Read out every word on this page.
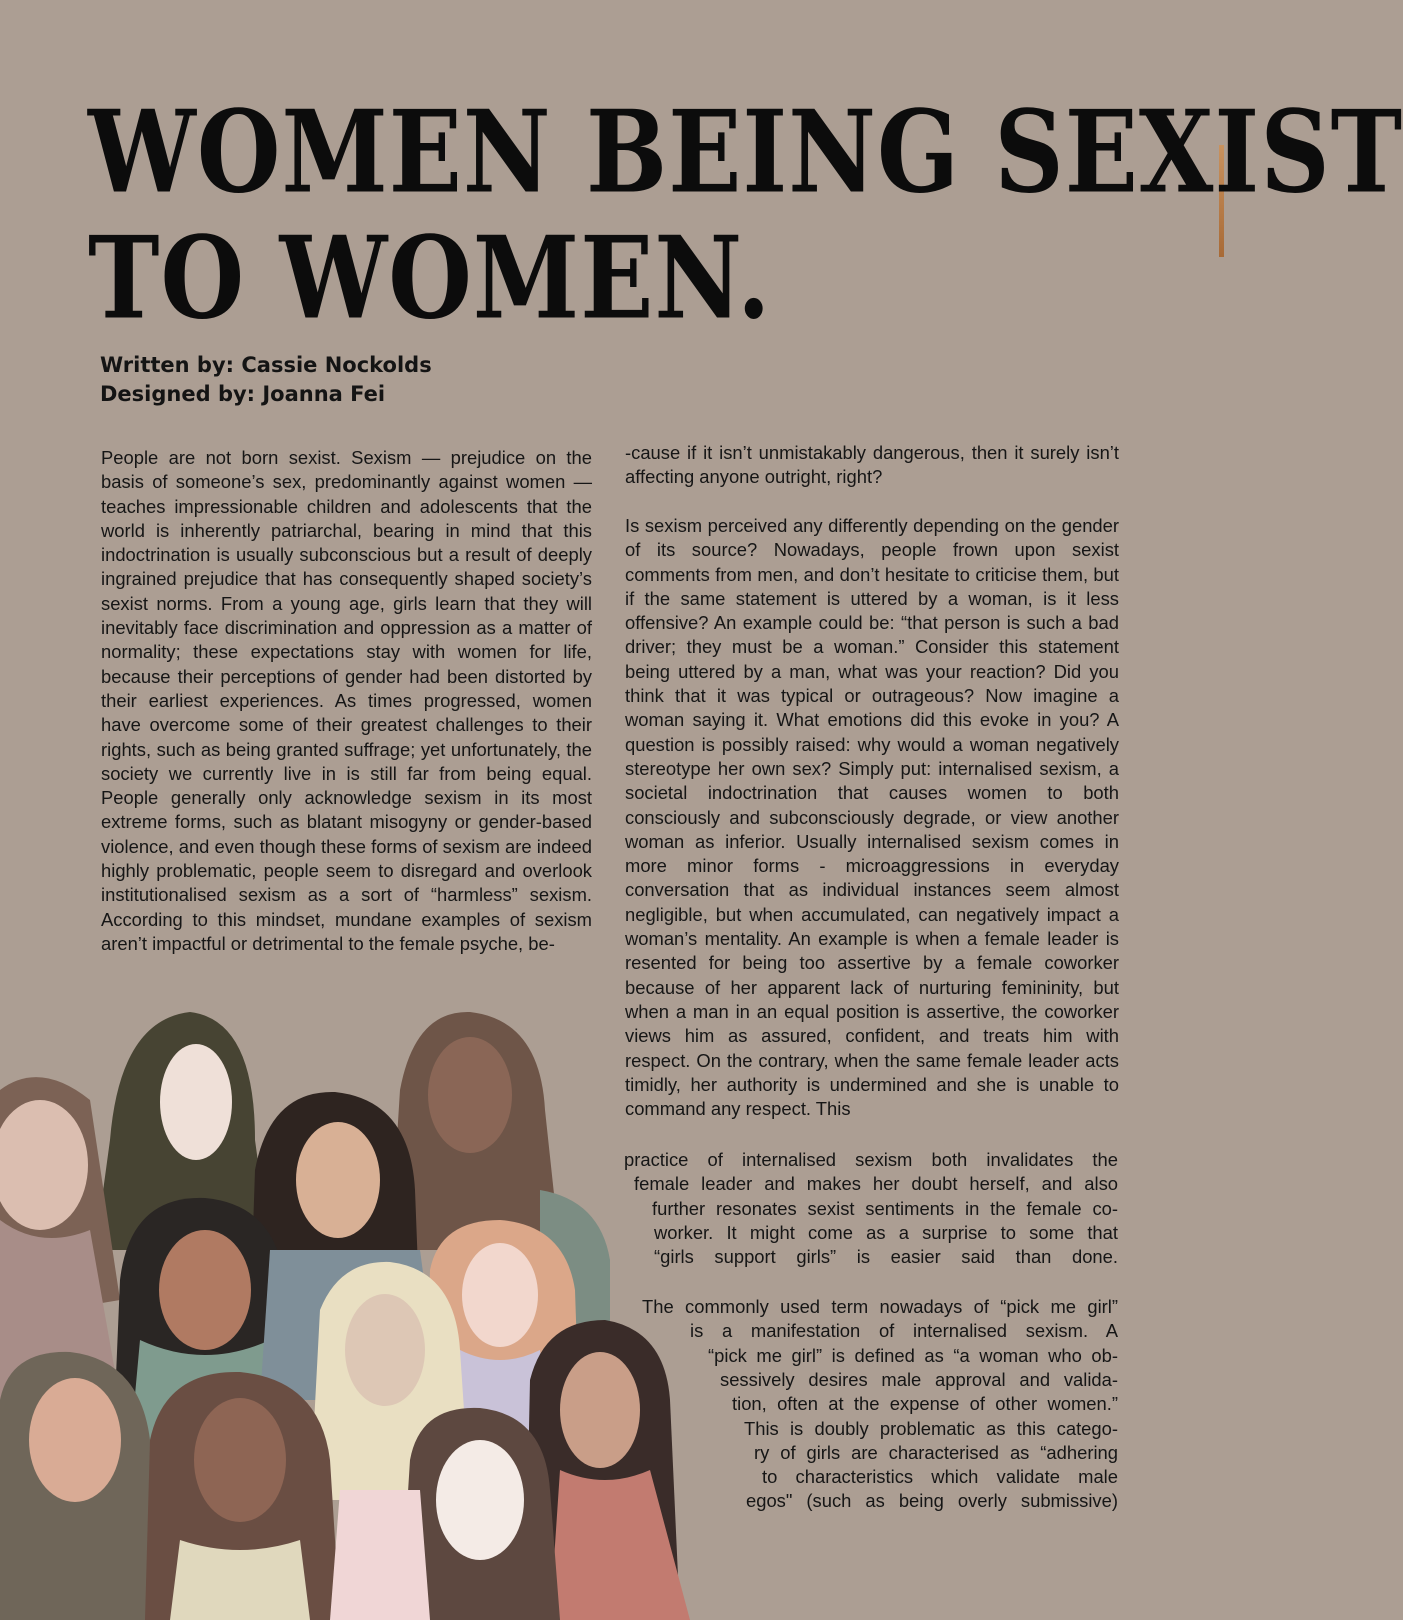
WOMEN BEING SEXIST
TO WOMEN.

Written by: Cassie Nockolds

Designed by: Joanna Fei

People are not born sexist. Sexism — prejudice on the basis of someone’s sex, predominantly against women — teaches impressionable children and adolescents that the world is inherently patriarchal, bearing in mind that this indoctrination is usually subconscious but a result of deeply ingrained prejudice that has consequently shaped society’s sexist norms. From a young age, girls learn that they will inevitably face discrimination and oppression as a matter of normality; these expectations stay with women for life, because their perceptions of gender had been distorted by their earliest experiences. As times progressed, women have overcome some of their greatest challenges to their rights, such as being granted suffrage; yet unfortunately, the society we currently live in is still far from being equal. People generally only acknowledge sexism in its most extreme forms, such as blatant misogyny or gender-based violence, and even though these forms of sexism are indeed highly problematic, people seem to disregard and overlook institutionalised sexism as a sort of “harmless” sexism. According to this mindset, mundane examples of sexism aren’t impactful or detrimental to the female psyche, be-

-cause if it isn’t unmistakably dangerous, then it surely isn’t affecting anyone outright, right?

Is sexism perceived any differently depending on the gender of its source? Nowadays, people frown upon sexist comments from men, and don’t hesitate to criticise them, but if the same statement is uttered by a woman, is it less offensive? An example could be: “that person is such a bad driver; they must be a woman.” Consider this statement being uttered by a man, what was your reaction? Did you think that it was typical or outrageous? Now imagine a woman saying it. What emotions did this evoke in you? A question is possibly raised: why would a woman negatively stereotype her own sex? Simply put: internalised sexism, a societal indoctrination that causes women to both consciously and subconsciously degrade, or view another woman as inferior. Usually internalised sexism comes in more minor forms - microaggressions in everyday conversation that as individual instances seem almost negligible, but when accumulated, can negatively impact a woman’s mentality. An example is when a female leader is resented for being too assertive by a female coworker because of her apparent lack of nurturing femininity, but when a man in an equal position is assertive, the coworker views him as assured, confident, and treats him with respect. On the contrary, when the same female leader acts timidly, her authority is undermined and she is unable to command any respect. This

practice of internalised sexism both invalidates the

female leader and makes her doubt herself, and also

further resonates sexist sentiments in the female co-

worker. It might come as a surprise to some that

“girls support girls” is easier said than done.

The commonly used term nowadays of “pick me girl”

is a manifestation of internalised sexism. A

“pick me girl” is defined as “a woman who ob-

sessively desires male approval and valida-

tion, often at the expense of other women.”

This is doubly problematic as this catego-

ry of girls are characterised as “adhering

to characteristics which validate male

egos" (such as being overly submissive)
